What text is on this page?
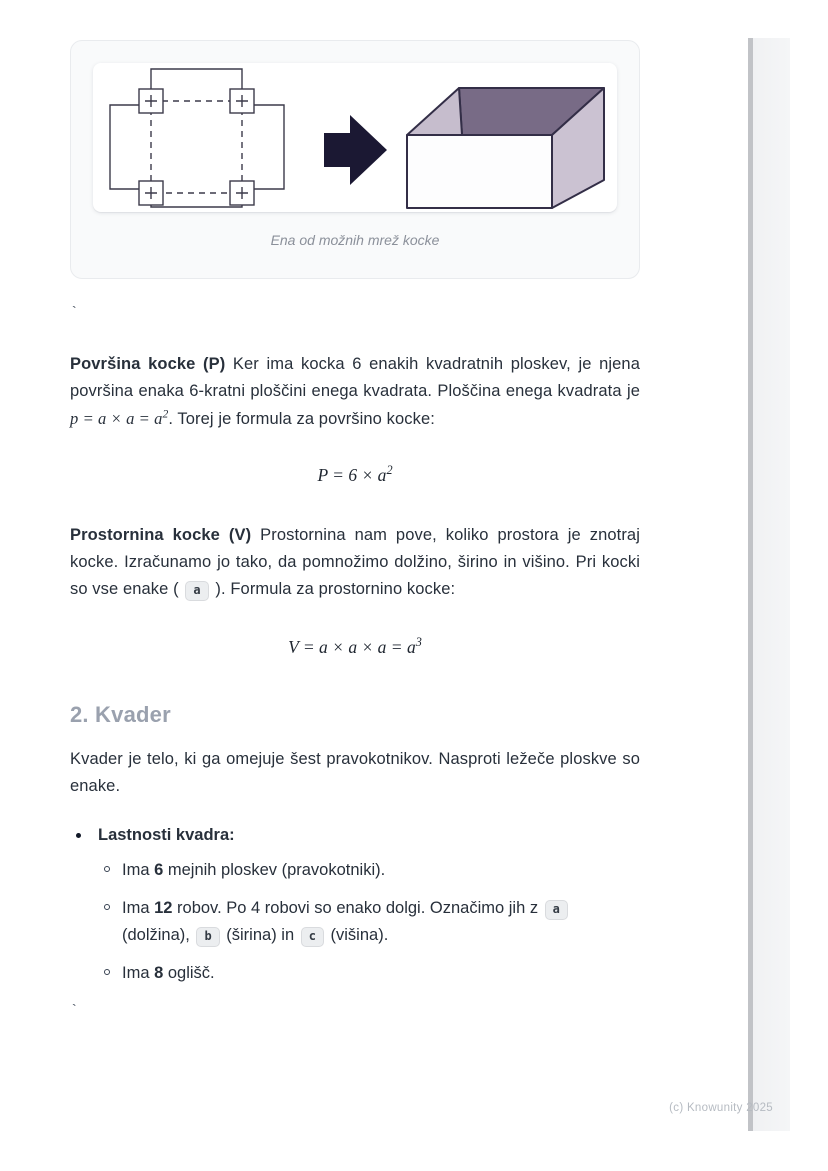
Ena od možnih mrež kocke
`

Površina kocke (P) Ker ima kocka 6 enakih kvadratnih ploskev, je njena površina enaka 6-kratni ploščini enega kvadrata. Ploščina enega kvadrata je $p = a \times a = a^2$. Torej je formula za površino kocke:

$P = 6 \times a^2$

Prostornina kocke (V) Prostornina nam pove, koliko prostora je znotraj kocke. Izračunamo jo tako, da pomnožimo dolžino, širino in višino. Pri kocki so vse enake ( a ). Formula za prostornino kocke:

$V = a \times a \times a = a^3$
2. Kvader

Kvader je telo, ki ga omejuje šest pravokotnikov. Nasproti ležeče ploskve so enake.

Lastnosti kvadra:
Ima 6 mejnih ploskev (pravokotniki).
Ima 12 robov. Po 4 robovi so enako dolgi. Označimo jih z a (dolžina), b (širina) in c (višina).
Ima 8 oglišč.
`
(c) Knowunity 2025
